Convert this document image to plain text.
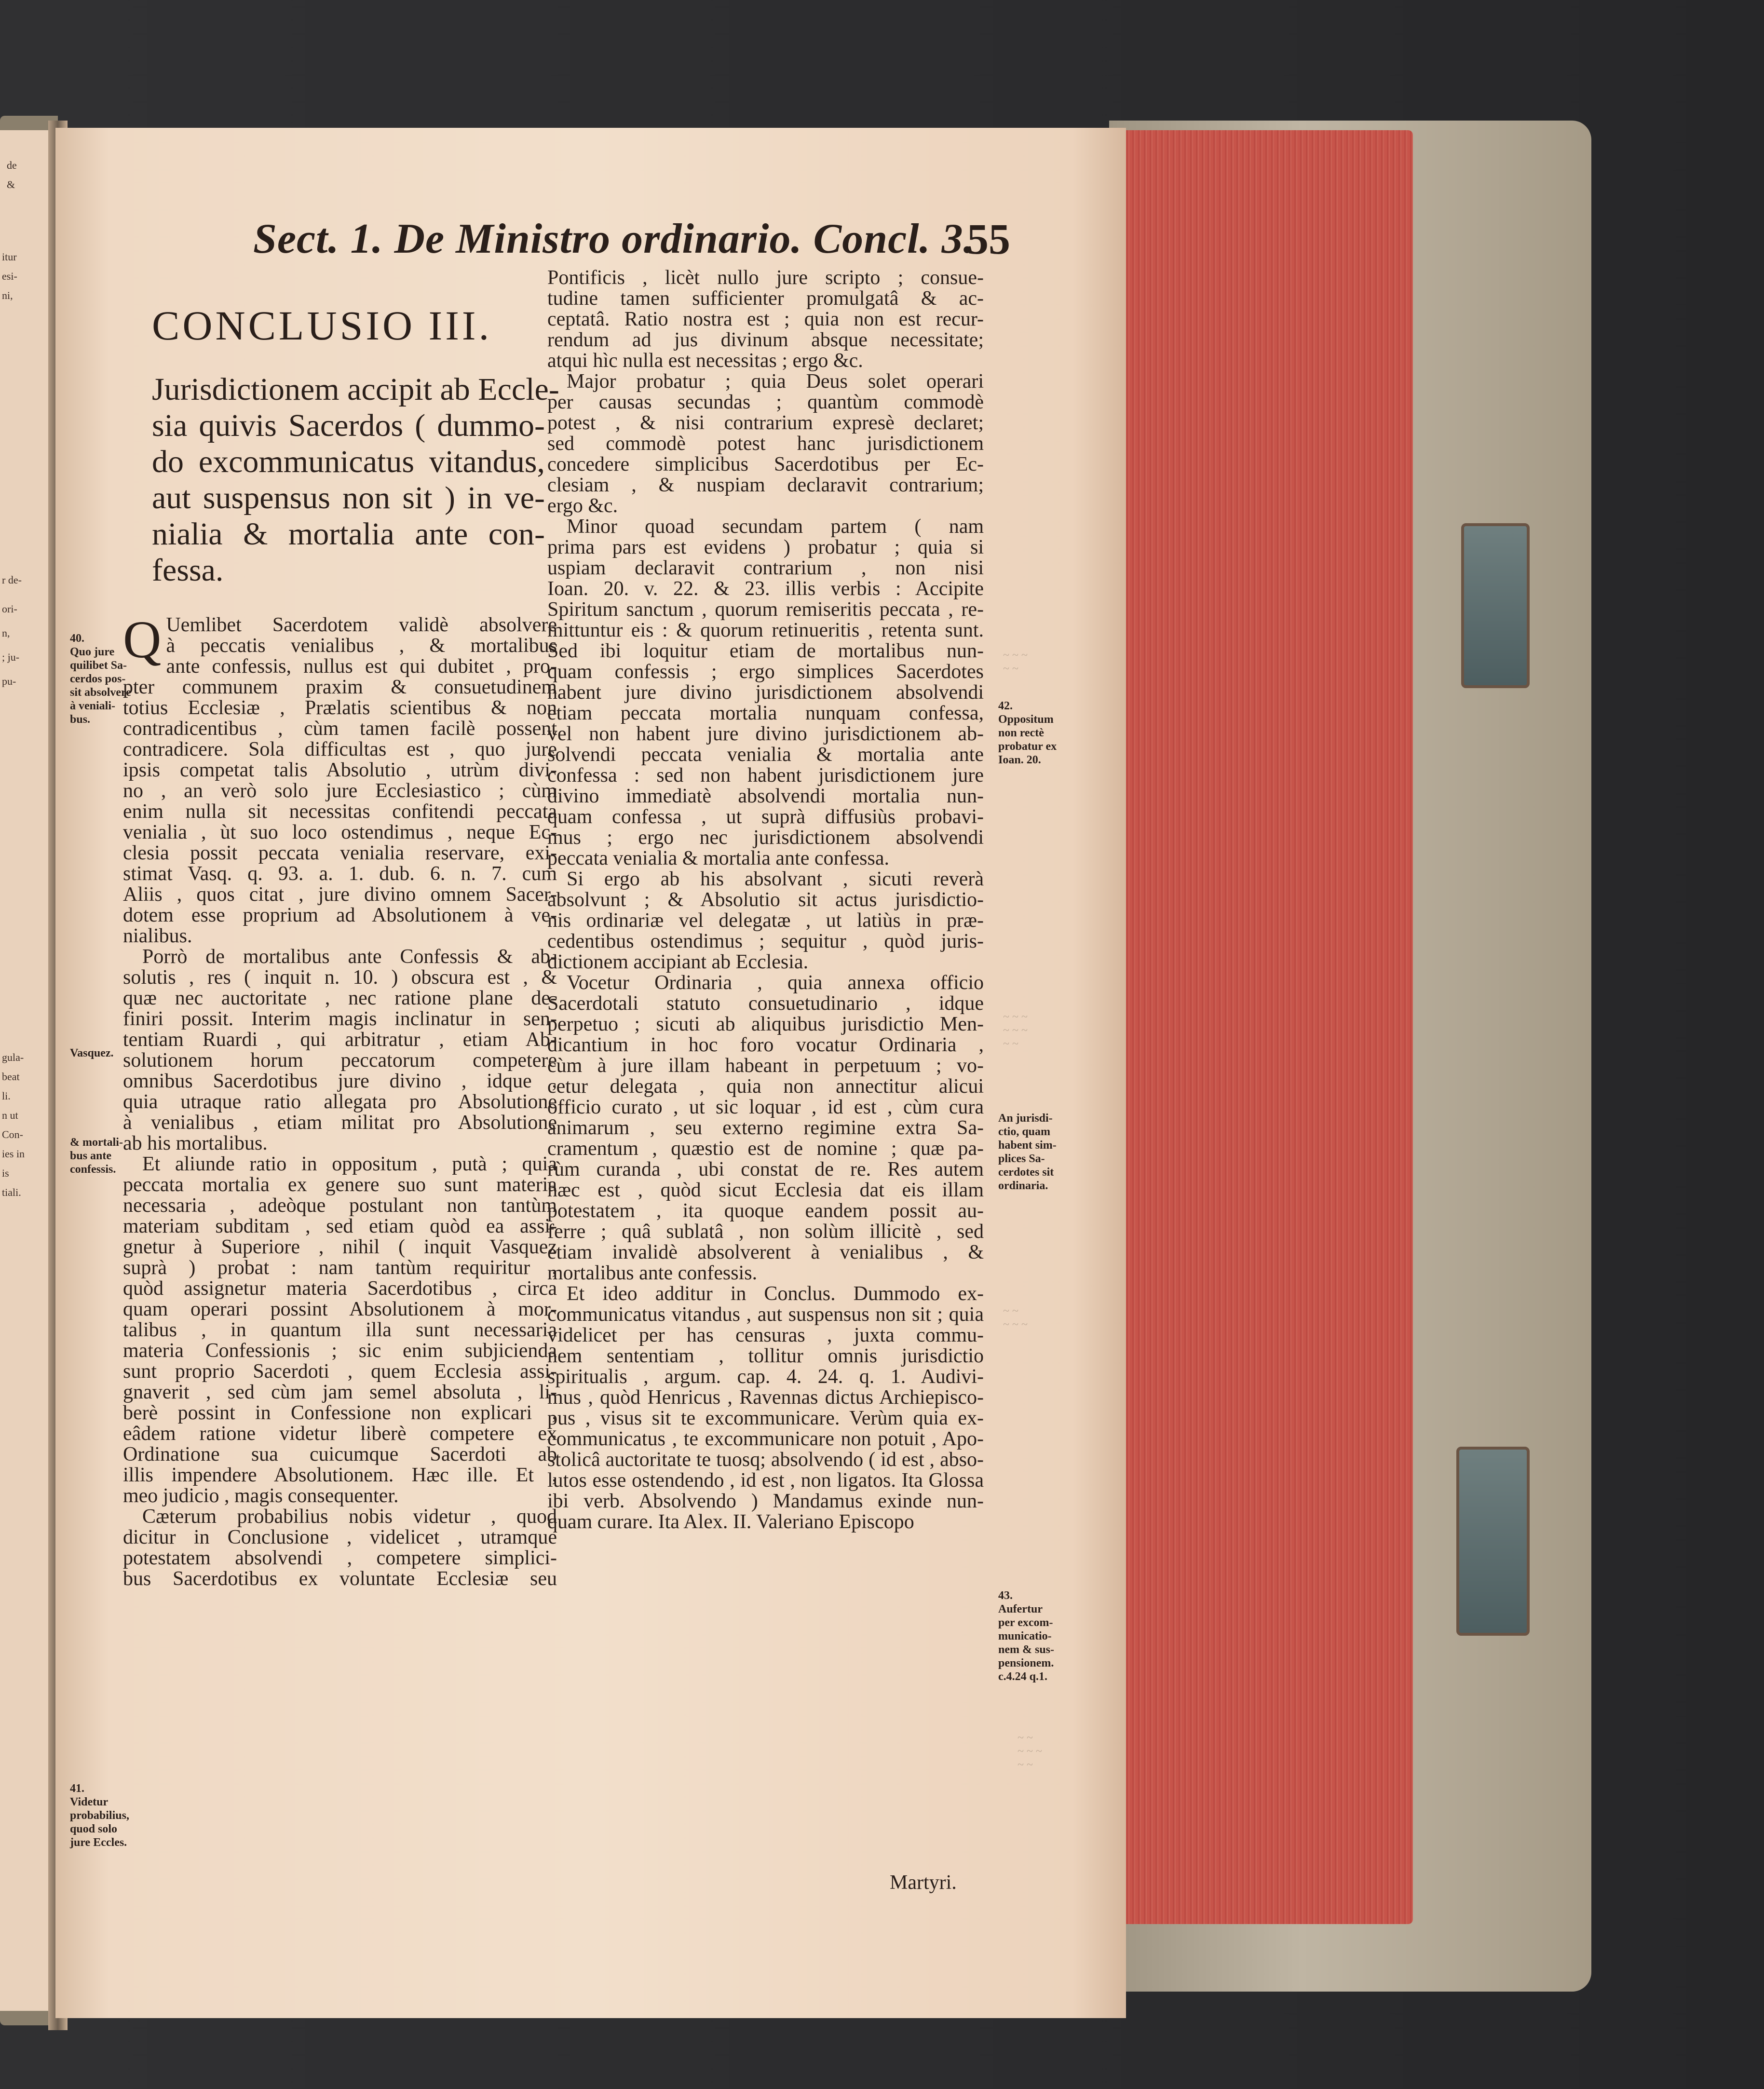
de
&
itur
esi-
ni,
r de-
ori-
n,
; ju-
pu-
gula-
beat
li.
n ut
Con-
ies in
is
tiali.
Sect. 1. De Ministro ordinario. Concl. 3.
55
CONCLUSIO III.
Jurisdictionem accipit ab Eccle-
sia quivis Sacerdos ( dummo-
do excommunicatus vitandus,
aut suspensus non sit ) in ve-
nialia & mortalia ante con-
fessa.
Q Uemlibet Sacerdotem validè absolvere
à peccatis venialibus , & mortalibus
ante confessis, nullus est qui dubitet , pro-
pter communem praxim & consuetudinem
totius Ecclesiæ , Prælatis scientibus & non
contradicentibus , cùm tamen facilè possent
contradicere. Sola difficultas est , quo jure
ipsis competat talis Absolutio , utrùm divi-
no , an verò solo jure Ecclesiastico ; cùm
enim nulla sit necessitas confitendi peccata
venialia , ùt suo loco ostendimus , neque Ec-
clesia possit peccata venialia reservare, exi-
stimat Vasq. q. 93. a. 1. dub. 6. n. 7. cum
Aliis , quos citat , jure divino omnem Sacer-
dotem esse proprium ad Absolutionem à ve-
nialibus.
Porrò de mortalibus ante Confessis & ab-
solutis , res ( inquit n. 10. ) obscura est , &
quæ nec auctoritate , nec ratione plane de-
finiri possit. Interim magis inclinatur in sen-
tentiam Ruardi , qui arbitratur , etiam Ab-
solutionem horum peccatorum competere
omnibus Sacerdotibus jure divino , idque ,
quia utraque ratio allegata pro Absolutione
à venialibus , etiam militat pro Absolutione
ab his mortalibus.
Et aliunde ratio in oppositum , putà ; quia
peccata mortalia ex genere suo sunt materia
necessaria , adeòque postulant non tantùm
materiam subditam , sed etiam quòd ea assi-
gnetur à Superiore , nihil ( inquit Vasquez
suprà ) probat : nam tantùm requiritur ,
quòd assignetur materia Sacerdotibus , circa
quam operari possint Absolutionem à mor-
talibus , in quantum illa sunt necessaria
materia Confessionis ; sic enim subjicienda
sunt proprio Sacerdoti , quem Ecclesia assi-
gnaverit , sed cùm jam semel absoluta , li-
berè possint in Confessione non explicari ,
eâdem ratione videtur liberè competere ex
Ordinatione sua cuicumque Sacerdoti ab
illis impendere Absolutionem. Hæc ille. Et ,
meo judicio , magis consequenter.
Cæterum probabilius nobis videtur , quod
dicitur in Conclusione , videlicet , utramque
potestatem absolvendi , competere simplici-
bus Sacerdotibus ex voluntate Ecclesiæ seu
Pontificis , licèt nullo jure scripto ; consue-
tudine tamen sufficienter promulgatâ & ac-
ceptatâ. Ratio nostra est ; quia non est recur-
rendum ad jus divinum absque necessitate;
atqui hìc nulla est necessitas ; ergo &c.
Major probatur ; quia Deus solet operari
per causas secundas ; quantùm commodè
potest , & nisi contrarium expresè declaret;
sed commodè potest hanc jurisdictionem
concedere simplicibus Sacerdotibus per Ec-
clesiam , & nuspiam declaravit contrarium;
ergo &c.
Minor quoad secundam partem ( nam
prima pars est evidens ) probatur ; quia si
uspiam declaravit contrarium , non nisi
Ioan. 20. v. 22. & 23. illis verbis : Accipite
Spiritum sanctum , quorum remiseritis peccata , re-
mittuntur eis : & quorum retinueritis , retenta sunt.
Sed ibi loquitur etiam de mortalibus nun-
quam confessis ; ergo simplices Sacerdotes
habent jure divino jurisdictionem absolvendi
etiam peccata mortalia nunquam confessa,
vel non habent jure divino jurisdictionem ab-
solvendi peccata venialia & mortalia ante
confessa : sed non habent jurisdictionem jure
divino immediatè absolvendi mortalia nun-
quam confessa , ut suprà diffusiùs probavi-
mus ; ergo nec jurisdictionem absolvendi
peccata venialia & mortalia ante confessa.
Si ergo ab his absolvant , sicuti reverà
absolvunt ; & Absolutio sit actus jurisdictio-
nis ordinariæ vel delegatæ , ut latiùs in præ-
cedentibus ostendimus ; sequitur , quòd juris-
dictionem accipiant ab Ecclesia.
Vocetur Ordinaria , quia annexa officio
Sacerdotali statuto consuetudinario , idque
perpetuo ; sicuti ab aliquibus jurisdictio Men-
dicantium in hoc foro vocatur Ordinaria ,
cùm à jure illam habeant in perpetuum ; vo-
cetur delegata , quia non annectitur alicui
officio curato , ut sic loquar , id est , cùm cura
animarum , seu externo regimine extra Sa-
cramentum , quæstio est de nomine ; quæ pa-
rùm curanda , ubi constat de re. Res autem
hæc est , quòd sicut Ecclesia dat eis illam
potestatem , ita quoque eandem possit au-
ferre ; quâ sublatâ , non solùm illicitè , sed
etiam invalidè absolverent à venialibus , &
mortalibus ante confessis.
Et ideo additur in Conclus. Dummodo ex-
communicatus vitandus , aut suspensus non sit ; quia
videlicet per has censuras , juxta commu-
nem sententiam , tollitur omnis jurisdictio
spiritualis , argum. cap. 4. 24. q. 1. Audivi-
mus , quòd Henricus , Ravennas dictus Archiepisco-
pus , visus sit te excommunicare. Verùm quia ex-
communicatus , te excommunicare non potuit , Apo-
stolicâ auctoritate te tuosq; absolvendo ( id est , abso-
lutos esse ostendendo , id est , non ligatos. Ita Glossa
ibi verb. Absolvendo ) Mandamus exinde nun-
quam curare. Ita Alex. II. Valeriano Episcopo
40.
Quo jure
quilibet Sa-
cerdos pos-
sit absolvere
à veniali-
bus.
Vasquez.
& mortali-
bus ante
confessis.
41.
Videtur
probabilius,
quod solo
jure Eccles.
42.
Oppositum
non rectè
probatur ex
Ioan. 20.
An jurisdi-
ctio, quam
habent sim-
plices Sa-
cerdotes sit
ordinaria.
43.
Aufertur
per excom-
municatio-
nem & sus-
pensionem.
c.4.24 q.1.
Martyri.
~ ~ ~
~ ~
~ ~ ~
~ ~ ~
~ ~
~ ~
~ ~ ~
~ ~
~ ~ ~
~ ~
